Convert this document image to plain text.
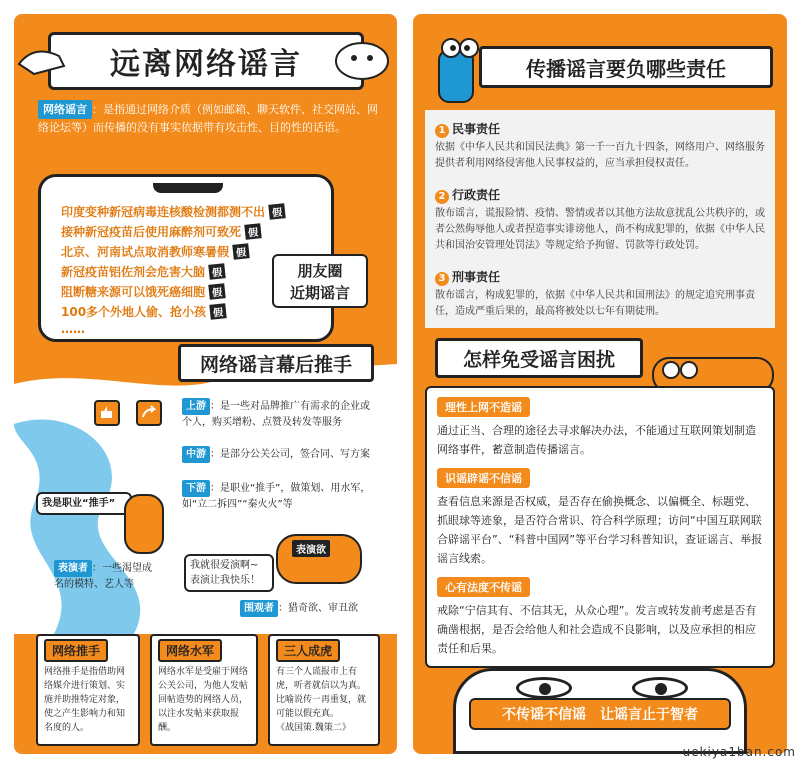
远离网络谣言
网络谣言 ：是指通过网络介质（例如邮箱、聊天软件、社交网站、网络论坛等）而传播的没有事实依据带有攻击性、目的性的话语。
印度变种新冠病毒连核酸检测都测不出 假
接种新冠疫苗后使用麻醉剂可致死 假
北京、河南试点取消教师寒暑假 假
新冠疫苗铝佐剂会危害大脑 假
阻断糖来源可以饿死癌细胞 假
100多个外地人偷、抢小孩 假
……
朋友圈
近期谣言
网络谣言幕后推手
上游 ：是一些对品牌推广有需求的企业或个人，购买增粉、点赞及转发等服务
中游 ：是部分公关公司，签合同、写方案
下游 ：是职业“推手”，做策划、用水军，如“立二拆四”“秦火火”等
表演者 ：一些渴望成名的模特、艺人等
围观者 ：猎奇欲、审丑欲
我是职业“推手”
我就很爱演啊~表演让我快乐！
表演欲
网络推手
网络推手是指借助网络媒介进行策划、实施并助推特定对象，使之产生影响力和知名度的人。
网络水军
网络水军是受雇于网络公关公司，为他人发帖回帖造势的网络人员，以注水发帖来获取报酬。
三人成虎
有三个人谎报市上有虎，听者就信以为真。比喻说传一再重复，就可能以假充真。
《战国策.魏策二》
传播谣言要负哪些责任
1 民事责任
依据《中华人民共和国民法典》第一千一百九十四条，网络用户、网络服务提供者利用网络侵害他人民事权益的，应当承担侵权责任。
2 行政责任
散布谣言，谎报险情、疫情、警情或者以其他方法故意扰乱公共秩序的，或者公然侮辱他人或者捏造事实诽谤他人，尚不构成犯罪的，依据《中华人民共和国治安管理处罚法》等规定给予拘留、罚款等行政处罚。
3 刑事责任
散布谣言，构成犯罪的，依据《中华人民共和国刑法》的规定追究刑事责任，造成严重后果的，最高将被处以七年有期徒刑。
怎样免受谣言困扰
理性上网不造谣
通过正当、合理的途径去寻求解决办法，不能通过互联网策划制造网络事件，蓄意制造传播谣言。
识谣辟谣不信谣
查看信息来源是否权威，是否存在偷换概念、以偏概全、标题党、抓眼球等迹象，是否符合常识、符合科学原理；访问“中国互联网联合辟谣平台”、“科普中国网”等平台学习科普知识，查证谣言、举报谣言线索。
心有法度不传谣
戒除“宁信其有、不信其无，从众心理”。发言或转发前考虑是否有确凿根据，是否会给他人和社会造成不良影响，以及应承担的相应责任和后果。
不传谣不信谣　让谣言止于智者
uekiya1ban.com
